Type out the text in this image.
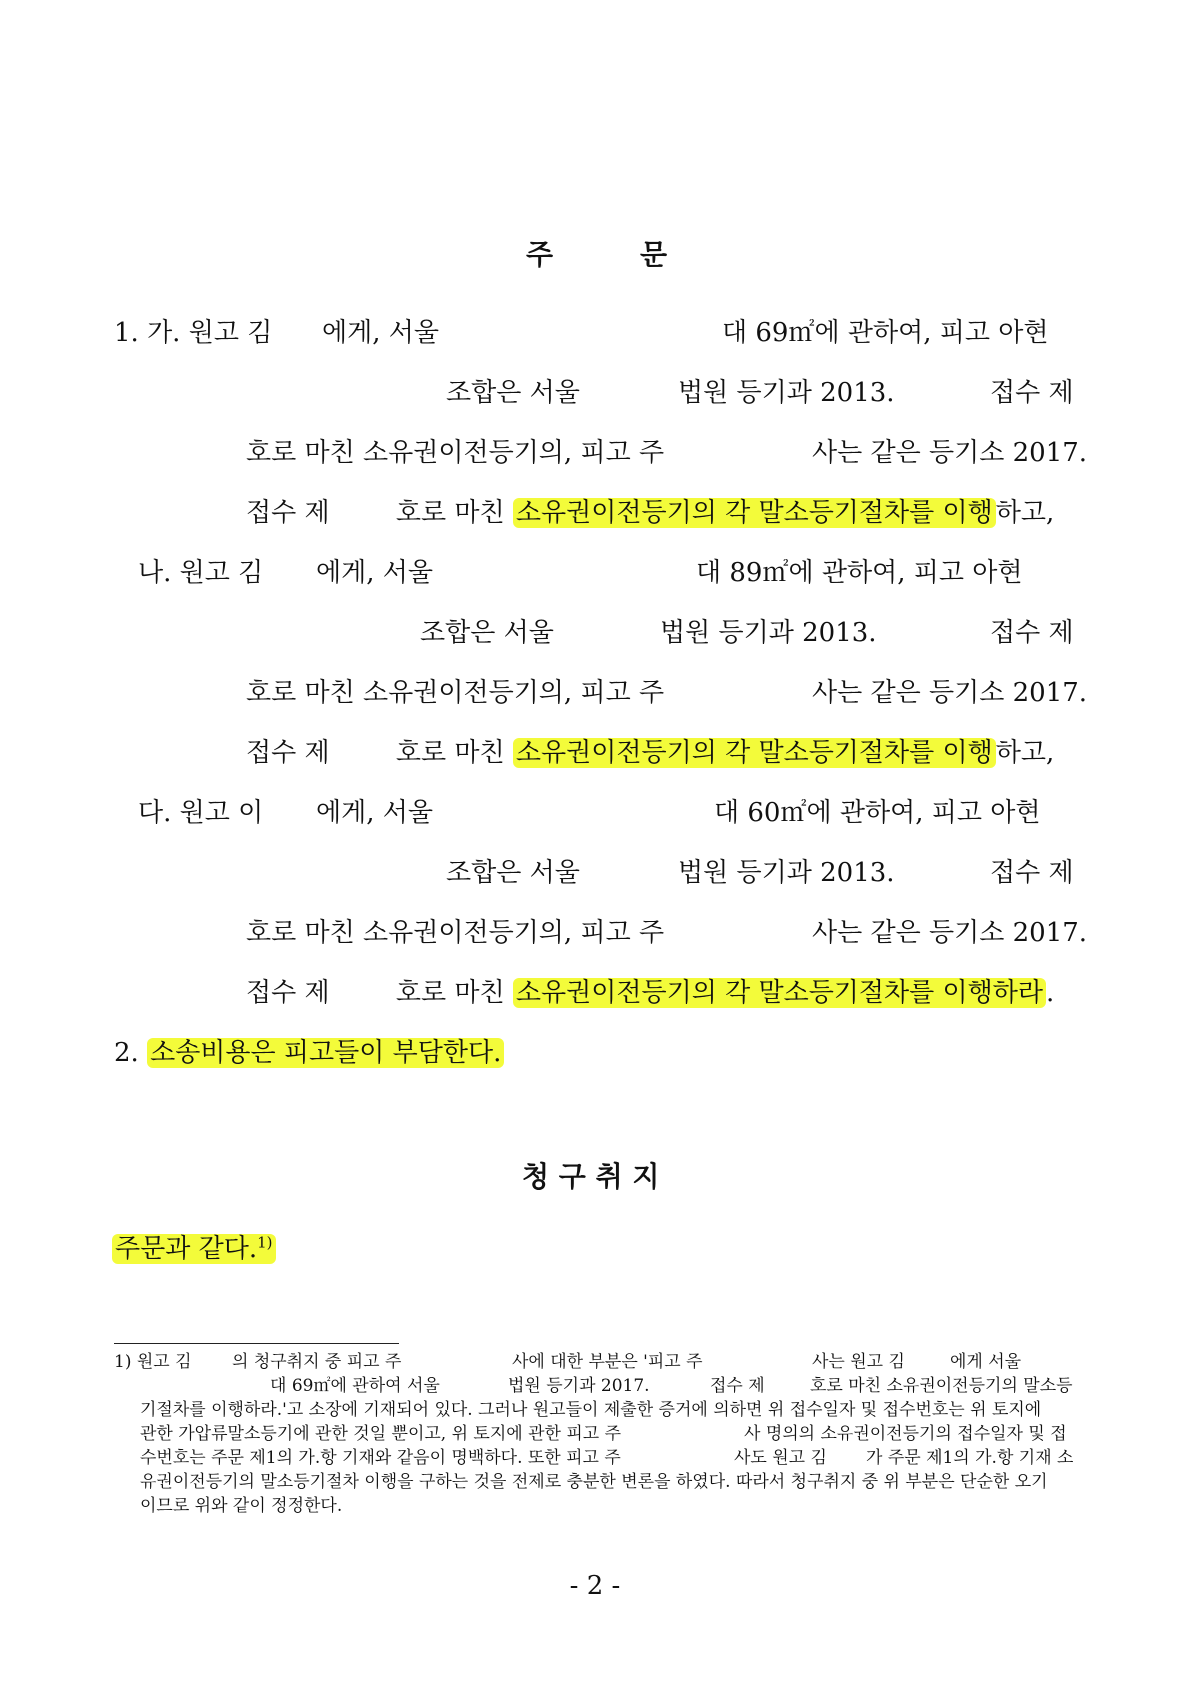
주	문
1. 가. 원고 김 에게, 서울	대 69㎡에 관하여, 피고 아현
조합은 서울	법원 등기과 2013.	접수 제
호로 마친 소유권이전등기의, 피고 주	사는 같은 등기소 2017.
접수 제	호로 마친 소유권이전등기의 각 말소등기절차를 이행 하고,
나. 원고 김 에게, 서울	대 89㎡에 관하여, 피고 아현
조합은 서울	법원 등기과 2013.	접수 제
호로 마친 소유권이전등기의, 피고 주	사는 같은 등기소 2017.
접수 제	호로 마친 소유권이전등기의 각 말소등기절차를 이행 하고,
다. 원고 이 에게, 서울	대 60㎡에 관하여, 피고 아현
조합은 서울	법원 등기과 2013.	접수 제
호로 마친 소유권이전등기의, 피고 주	사는 같은 등기소 2017.
접수 제	호로 마친 소유권이전등기의 각 말소등기절차를 이행하라 .
2. 소송비용은 피고들이 부담한다.
청 구 취 지
주문과 같다.$^{1)}$
1) 원고 김 의 청구취지 중 피고 주	사에 대한 부분은 '피고 주	사는 원고 김	에게 서울
대 69㎡에 관하여 서울	법원 등기과 2017.	접수 제	호로 마친 소유권이전등기의 말소등
기절차를 이행하라.'고 소장에 기재되어 있다. 그러나 원고들이 제출한 증거에 의하면 위 접수일자 및 접수번호는 위 토지에
관한 가압류말소등기에 관한 것일 뿐이고, 위 토지에 관한 피고 주	사 명의의 소유권이전등기의 접수일자 및 접
수번호는 주문 제1의 가.항 기재와 같음이 명백하다. 또한 피고 주	사도 원고 김 가 주문 제1의 가.항 기재 소
유권이전등기의 말소등기절차 이행을 구하는 것을 전제로 충분한 변론을 하였다. 따라서 청구취지 중 위 부분은 단순한 오기
이므로 위와 같이 정정한다.
- 2 -
